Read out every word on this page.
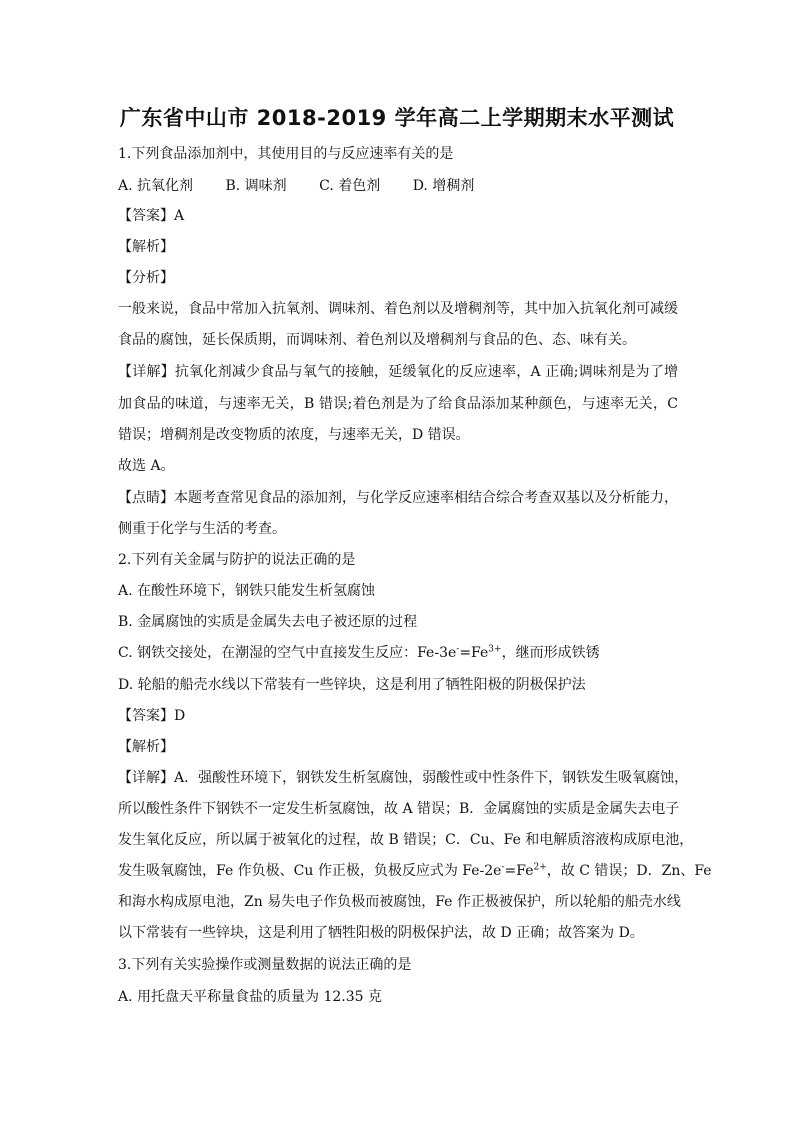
广东省中山市 2018-2019 学年高二上学期期末水平测试
1.下列食品添加剂中，其使用目的与反应速率有关的是
A. 抗氧化剂 B. 调味剂 C. 着色剂 D. 增稠剂
【答案】A
【解析】
【分析】
一般来说，食品中常加入抗氧剂、调味剂、着色剂以及增稠剂等，其中加入抗氧化剂可减缓
食品的腐蚀，延长保质期，而调味剂、着色剂以及增稠剂与食品的色、态、味有关。
【详解】抗氧化剂减少食品与氧气的接触，延缓氧化的反应速率，A 正确;调味剂是为了增
加食品的味道，与速率无关，B 错误;着色剂是为了给食品添加某种颜色，与速率无关，C
错误；增稠剂是改变物质的浓度，与速率无关，D 错误。
故选 A。
【点睛】本题考查常见食品的添加剂，与化学反应速率相结合综合考查双基以及分析能力，
侧重于化学与生活的考查。
2.下列有关金属与防护的说法正确的是
A. 在酸性环境下，钢铁只能发生析氢腐蚀
B. 金属腐蚀的实质是金属失去电子被还原的过程
C. 钢铁交接处，在潮湿的空气中直接发生反应：$Fe-3e^-=Fe^{3+}$，继而形成铁锈
D. 轮船的船壳水线以下常装有一些锌块，这是利用了牺牲阳极的阴极保护法
【答案】D
【解析】
【详解】A．强酸性环境下，钢铁发生析氢腐蚀，弱酸性或中性条件下，钢铁发生吸氧腐蚀，
所以酸性条件下钢铁不一定发生析氢腐蚀，故 A 错误；B．金属腐蚀的实质是金属失去电子
发生氧化反应，所以属于被氧化的过程，故 B 错误；C．Cu、Fe 和电解质溶液构成原电池，
发生吸氧腐蚀，Fe 作负极、Cu 作正极，负极反应式为 $Fe-2e^-=Fe^{2+}$，故 C 错误；D．Zn、Fe
和海水构成原电池，Zn 易失电子作负极而被腐蚀，Fe 作正极被保护，所以轮船的船壳水线
以下常装有一些锌块，这是利用了牺牲阳极的阴极保护法，故 D 正确；故答案为 D。
3.下列有关实验操作或测量数据的说法正确的是
A. 用托盘天平称量食盐的质量为 12.35 克
